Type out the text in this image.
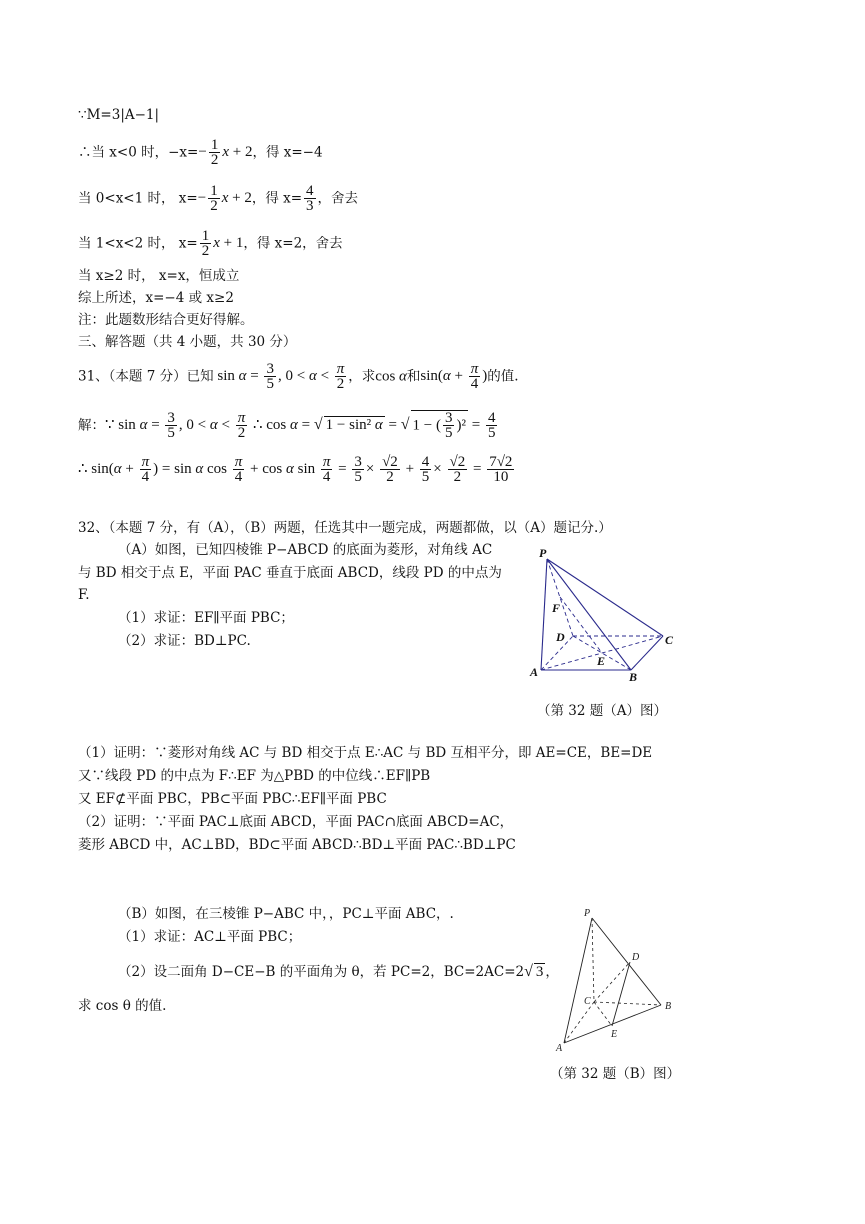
∵M=3|A−1|
∴当 x<0 时，$-x=- \frac{1}{2}$ x + 2，得 x=−4
当 0<x<1 时， $x=- \frac{1}{2}$ x + 2，得 $x= \frac{4}{3}$ ，舍去
当 1<x<2 时， $x= \frac{1}{2}$ x + 1，得 x=2，舍去
当 x≥2 时， x=x，恒成立
综上所述，x=−4 或 x≥2
注：此题数形结合更好得解。
三、解答题（共 4 小题，共 30 分）
31、（本题 7 分）已知 $\sin \alpha = \frac{3}{5}$ , $0 < \alpha < \frac{\pi}{2}$ ，求cos α和$\sin(\alpha + \frac{\pi}{4}$ )的值.
解：∵ $\sin \alpha = \frac{3}{5}$ , $0 < \alpha < \frac{\pi}{2}$ ∴ cos α = √ 1 − sin² α = √ 1 − ( $\frac{3}{5} )^2 = \frac{4}{5}$
∴ $\sin(\alpha + \frac{\pi}{4}$ ) = sin α $\cos \frac{\pi}{4} + \cos \alpha$ $\sin \frac{\pi}{4} = \frac{3}{5} \times \frac{√2}{2} + \frac{4}{5} \times \frac{√2}{2} = \frac{7√2}{10}$
32、（本题 7 分，有（A），（B）两题，任选其中一题完成，两题都做，以（A）题记分.）
（A）如图，已知四棱锥 P−ABCD 的底面为菱形，对角线 AC
与 BD 相交于点 E，平面 PAC 垂直于底面 ABCD，线段 PD 的中点为
F.
（1）求证：EF∥平面 PBC；
（2）求证：BD⊥PC.
P
F
D	C
E
A	B
（第 32 题（A）图）
（1）证明：∵菱形对角线 AC 与 BD 相交于点 E∴AC 与 BD 互相平分，即 AE=CE，BE=DE
又∵线段 PD 的中点为 F∴EF 为△PBD 的中位线∴EF∥PB
又 EF⊄平面 PBC，PB⊂平面 PBC∴EF∥平面 PBC
（2）证明：∵平面 PAC⊥底面 ABCD，平面 PAC∩底面 ABCD=AC，
菱形 ABCD 中，AC⊥BD，BD⊂平面 ABCD∴BD⊥平面 PAC∴BD⊥PC
（B）如图，在三棱锥 P−ABC 中，，PC⊥平面 ABC，.
（1）求证：AC⊥平面 PBC；
（2）设二面角 D−CE−B 的平面角为 θ，若 PC=2，BC=2AC=2√ 3 ，
求 cos θ 的值.
P
D
C	B
E
A
（第 32 题（B）图）
